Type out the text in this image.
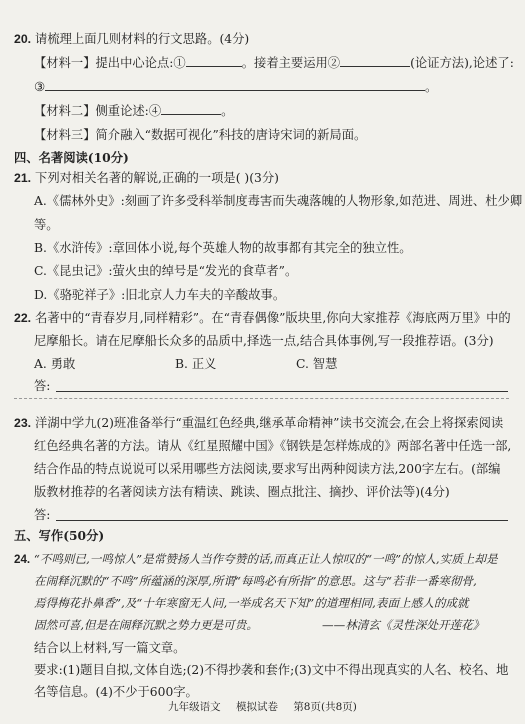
20. 请梳理上面几则材料的行文思路。(4分)
【材料一】提出中心论点:①	。接着主要运用②	(论证方法),论述了:
③	。
【材料二】侧重论述:④	。
【材料三】简介融入“数据可视化”科技的唐诗宋词的新局面。
四、名著阅读(10分)
21. 下列对相关名著的解说,正确的一项是( )(3分)
A.《儒林外史》:刻画了许多受科举制度毒害而失魂落魄的人物形象,如范进、周进、杜少卿
等。
B.《水浒传》:章回体小说,每个英雄人物的故事都有其完全的独立性。
C.《昆虫记》:萤火虫的绰号是“发光的食草者”。
D.《骆驼祥子》:旧北京人力车夫的辛酸故事。
22. 名著中的“青春岁月,同样精彩”。在“青春偶像”版块里,你向大家推荐《海底两万里》中的
尼摩船长。请在尼摩船长众多的品质中,择选一点,结合具体事例,写一段推荐语。(3分)
A. 勇敢	B. 正义	C. 智慧
答:
23. 洋湖中学九(2)班准备举行“重温红色经典,继承革命精神”读书交流会,在会上将探索阅读
红色经典名著的方法。请从《红星照耀中国》《钢铁是怎样炼成的》两部名著中任选一部,
结合作品的特点说说可以采用哪些方法阅读,要求写出两种阅读方法,200字左右。(部编
版教材推荐的名著阅读方法有精读、跳读、圈点批注、摘抄、评价法等)(4分)
答:
五、写作(50分)
24. “不鸣则已,一鸣惊人”是常赞扬人当作夸赞的话,而真正让人惊叹的“一鸣”的惊人,实质上却是
在闹释沉默的“不鸣”所蕴涵的深厚,所谓“每鸣必有所指”的意思。这与“若非一番寒彻骨,
焉得梅花扑鼻香”,及“十年寒窗无人问,一举成名天下知”的道理相同,表面上感人的成就
固然可喜,但是在闹释沉默之势力更是可贵。	——林清玄《灵性深处开莲花》
结合以上材料,写一篇文章。
要求:(1)题目自拟,文体自选;(2)不得抄袭和套作;(3)文中不得出现真实的人名、校名、地
名等信息。(4)不少于600字。
九年级语文 模拟试卷 第8页(共8页)
